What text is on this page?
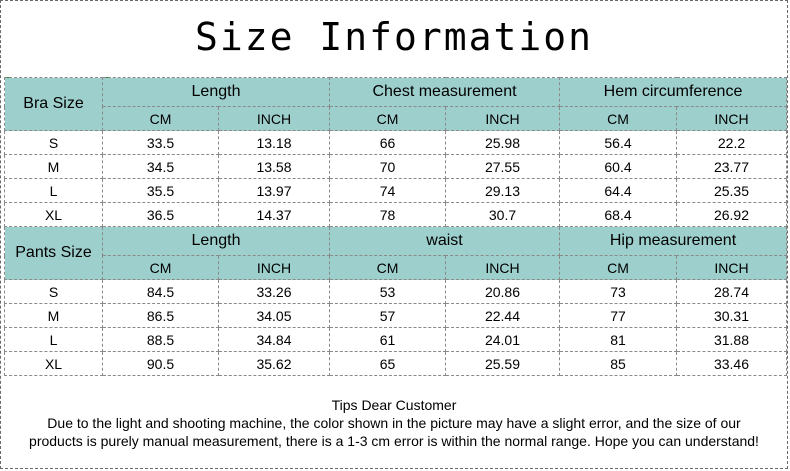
Size Information
Bra Size	Length		Chest measurement		Hem circumference	
	CM	INCH	CM	INCH	CM	INCH
S	33.5	13.18	66	25.98	56.4	22.2
M	34.5	13.58	70	27.55	60.4	23.77
L	35.5	13.97	74	29.13	64.4	25.35
XL	36.5	14.37	78	30.7	68.4	26.92
Pants Size	Length		waist		Hip measurement	
	CM	INCH	CM	INCH	CM	INCH
S	84.5	33.26	53	20.86	73	28.74
M	86.5	34.05	57	22.44	77	30.31
L	88.5	34.84	61	24.01	81	31.88
XL	90.5	35.62	65	25.59	85	33.46
Tips Dear Customer
Due to the light and shooting machine, the color shown in the picture may have a slight error, and the size of our
products is purely manual measurement, there is a 1-3 cm error is within the normal range. Hope you can understand!
